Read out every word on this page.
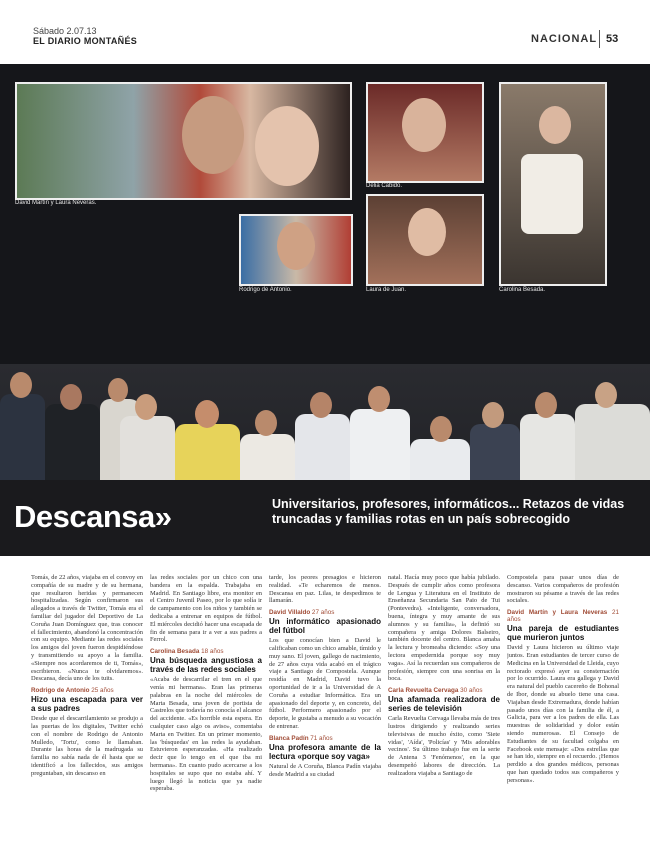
Sábado 2.07.13
EL DIARIO MONTAÑÉS	NACIONAL 53
David Martín y Laura Neveras.
Delia Cabido.
Rodrigo de Antonio.	Laura de Juan.	Carolina Besada.
Descansa»	Universitarios, profesores, informáticos... Retazos de vidas truncadas y familias rotas en un país sobrecogido

Tomás, de 22 años, viajaba en el convoy en compañía de su madre y de su hermana, que resultaron heridas y permanecen hospitalizadas. Según confirmaron sus allegados a través de Twitter, Tomás era el familiar del jugador del Deportivo de La Coruña Juan Domínguez que, tras conocer el fallecimiento, abandonó la concentración con su equipo. Mediante las redes sociales los amigos del joven fueron despidiéndose y transmitiendo su apoyo a la familia. «Siempre nos acordaremos de ti, Tomás», escribieron. «Nunca te olvidaremos». Descansa, decía uno de los tuits.

Rodrigo de Antonio 25 años
Hizo una escapada para ver a sus padres

Desde que el descarrilamiento se produjo a las puertas de los digitales, Twitter echó con el nombre de Rodrigo de Antonio Mulledo, 'Tortu', como le llamaban. Durante las horas de la madrugada su familia no sabía nada de él hasta que se identificó a los fallecidos, sus amigos preguntaban, sin descanso en

las redes sociales por un chico con una bandera en la espalda. Trabajaba en Madrid. En Santiago libre, era monitor en el Centro Juvenil Paseo, por lo que solía ir de campamento con los niños y también se dedicaba a entrenar en equipos de fútbol. El miércoles decidió hacer una escapada de fin de semana para ir a ver a sus padres a Ferrol.

Carolina Besada 18 años
Una búsqueda angustiosa a través de las redes sociales

«Acaba de descarrilar el tren en el que venía mi hermana». Eran las primeras palabras en la noche del miércoles de Marta Besada, una joven de portista de Castrelos que todavía no conocía el alcance del accidente. «Es horrible esta espera. En cualquier caso algo os aviso», comentaba Marta en Twitter. En un primer momento, las 'búsquedas' en las redes la ayudaban. Estuvieron esperanzadas. «Ha realizado decir que lo tengo en el que iba mi hermana». En cuanto pudo acercarse a los hospitales se supo que no estaba ahí. Y luego llegó la noticia que ya nadie esperaba.

tarde, los peores presagios e hicieron realidad. «Te echaremos de menos. Descansa en paz. Lilas, te despedimos te llamarán.

David Villaldo 27 años
Un informático apasionado del fútbol

Los que conocían bien a David le calificaban como un chico amable, tímido y muy sano. El joven, gallego de nacimiento, de 27 años cuya vida acabó en el trágico viaje a Santiago de Compostela. Aunque residía en Madrid, David tuvo la oportunidad de ir a la Universidad de A Coruña a estudiar Informática. Era un apasionado del deporte y, en concreto, del fútbol. Performero apasionado por el deporte, le gustaba a menudo a su vocación de entrenar.

Blanca Padín 71 años
Una profesora amante de la lectura «porque soy vaga»

Natural de A Coruña, Blanca Padín viajaba desde Madrid a su ciudad

natal. Hacía muy poco que había jubilado. Después de cumplir años como profesora de Lengua y Literatura en el Instituto de Enseñanza Secundaria San Paio de Tui (Pontevedra). «Inteligente, conversadora, buena, íntegra y muy amante de sus alumnos y su familia», la definió su compañera y amiga Dolores Balseiro, también docente del centro. Blanca amaba la lectura y bromeaba diciendo: «Soy una lectora empedernida porque soy muy vaga». Así la recuerdan sus compañeros de profesión, siempre con una sonrisa en la boca.

Carla Revuelta Cervaga 30 años
Una afamada realizadora de series de televisión

Carla Revuelta Cervaga llevaba más de tres lustros dirigiendo y realizando series televisivas de mucho éxito, como 'Siete vidas', 'Aída', 'Policías' y 'Mis adorables vecinos'. Su último trabajo fue en la serie de Antena 3 'Fenómenos', en la que desempeñó labores de dirección. La realizadora viajaba a Santiago de

Compostela para pasar unos días de descanso. Varios compañeros de profesión mostraron su pésame a través de las redes sociales.

David Martín y Laura Neveras 21 años
Una pareja de estudiantes que murieron juntos

David y Laura hicieron su último viaje juntos. Eran estudiantes de tercer curso de Medicina en la Universidad de Lleida, cuyo rectorado expresó ayer su consternación por lo ocurrido. Laura era gallega y David era natural del pueblo cacereño de Bohonal de Ibor, donde su abuelo tiene una casa. Viajaban desde Extremadura, donde habían pasado unos días con la familia de él, a Galicia, para ver a los padres de ella. Las muestras de solidaridad y dolor están siendo numerosas. El Consejo de Estudiantes de su facultad colgaba en Facebook este mensaje: «Dos estrellas que se han ido, siempre en el recuerdo. ¡Hemos perdido a dos grandes médicos, personas que han quedado todos sus compañeros y personas».
